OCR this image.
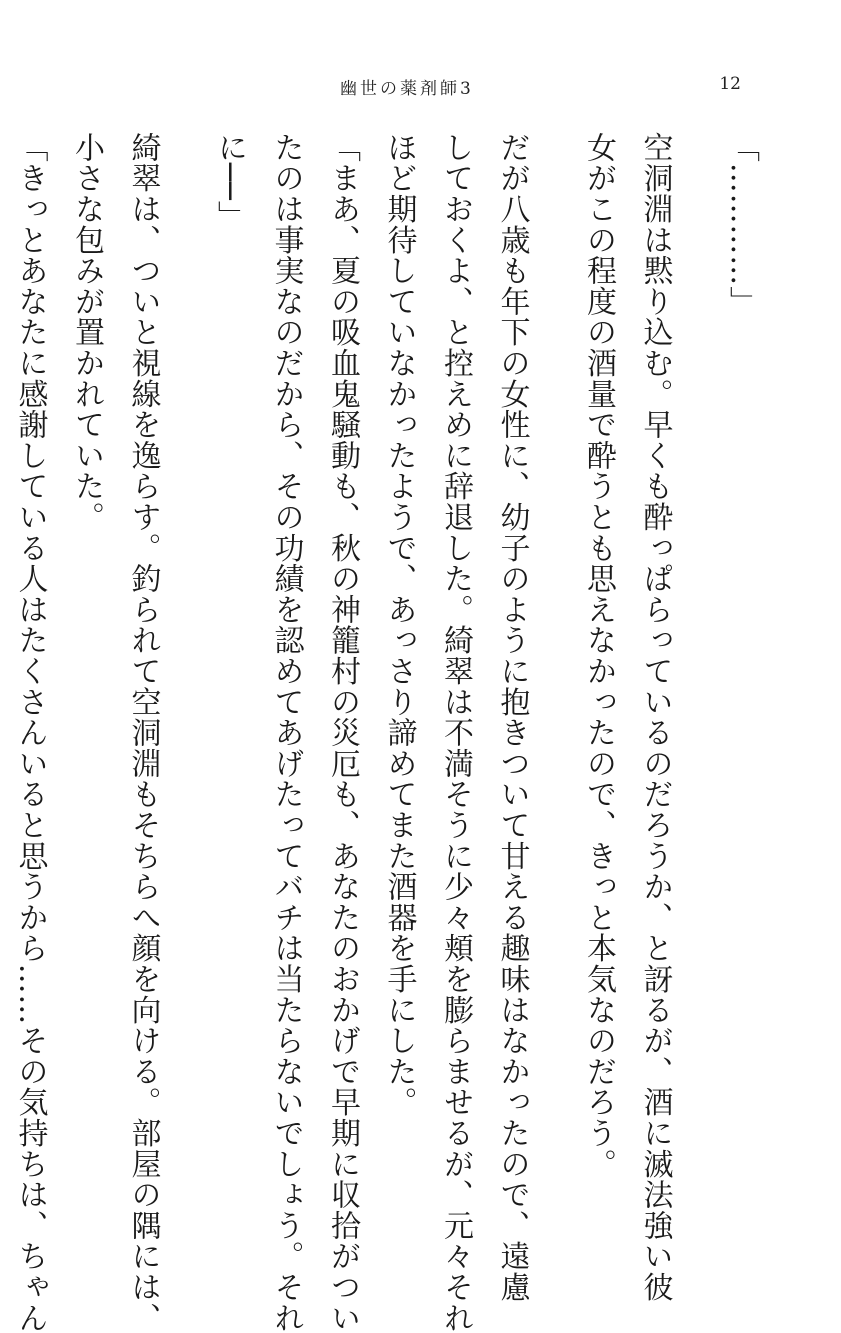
幽世の薬剤師3	12
「…………」
空洞淵は黙り込む。早くも酔っぱらっているのだろうか、と訝るが、酒に滅法強い彼
女がこの程度の酒量で酔うとも思えなかったので、きっと本気なのだろう。
だが八歳も年下の女性に、幼子のように抱きついて甘える趣味はなかったので、遠慮
しておくよ、と控えめに辞退した。綺翠は不満そうに少々頬を膨らませるが、元々それ
ほど期待していなかったようで、あっさり諦めてまた酒器を手にした。
「まあ、夏の吸血鬼騒動も、秋の神籠村の災厄も、あなたのおかげで早期に収拾がつい
たのは事実なのだから、その功績を認めてあげたってバチは当たらないでしょう。それ
に──」
綺翠は、ついと視線を逸らす。釣られて空洞淵もそちらへ顔を向ける。部屋の隅には、
小さな包みが置かれていた。
「きっとあなたに感謝している人はたくさんいると思うから……その気持ちは、ちゃん
